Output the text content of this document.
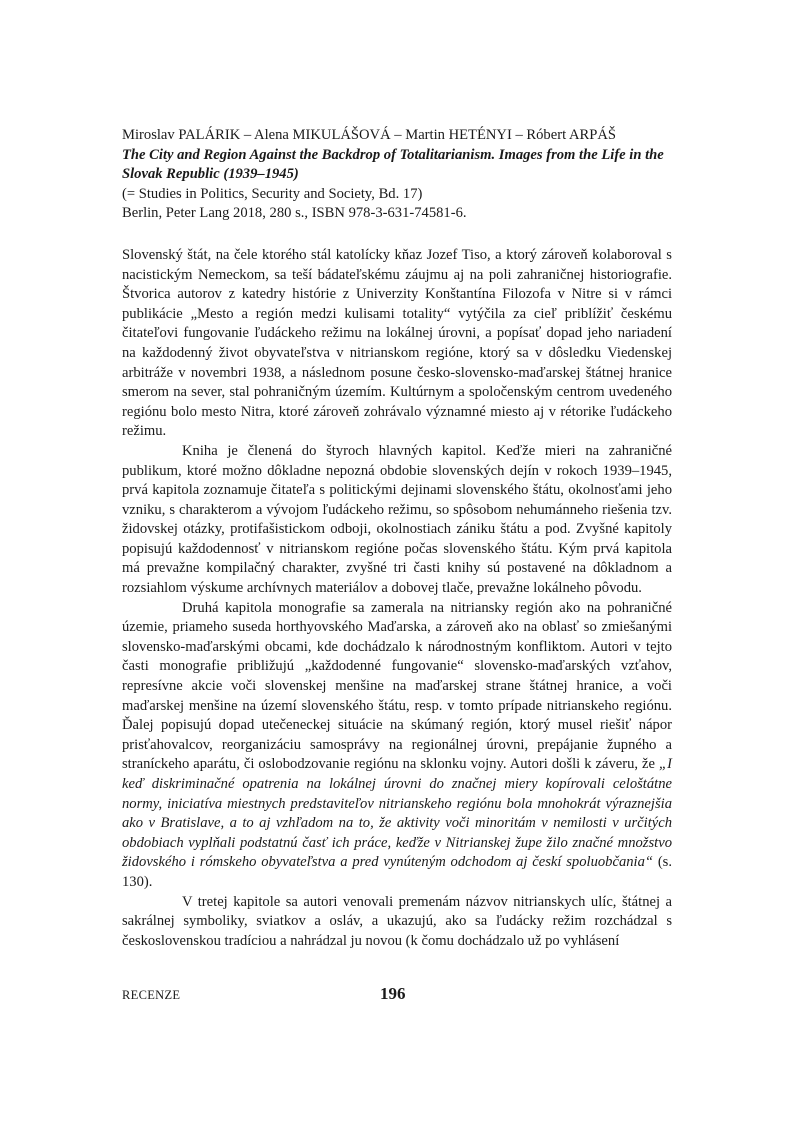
Miroslav PALÁRIK – Alena MIKULÁŠOVÁ – Martin HETÉNYI – Róbert ARPÁŠ

The City and Region Against the Backdrop of Totalitarianism. Images from the Life in the Slovak Republic (1939–1945)

(= Studies in Politics, Security and Society, Bd. 17)

Berlin, Peter Lang 2018, 280 s., ISBN 978-3-631-74581-6.

Slovenský štát, na čele ktorého stál katolícky kňaz Jozef Tiso, a ktorý zároveň kolaboroval s nacistickým Nemeckom, sa teší bádateľskému záujmu aj na poli zahraničnej historiografie. Štvorica autorov z katedry histórie z Univerzity Konštantína Filozofa v Nitre si v rámci publikácie „Mesto a región medzi kulisami totality“ vytýčila za cieľ priblížiť českému čitateľovi fungovanie ľudáckeho režimu na lokálnej úrovni, a popísať dopad jeho nariadení na každodenný život obyvateľstva v nitrianskom regióne, ktorý sa v dôsledku Viedenskej arbitráže v novembri 1938, a následnom posune česko-slovensko-maďarskej štátnej hranice smerom na sever, stal pohraničným územím. Kultúrnym a spoločenským centrom uvedeného regiónu bolo mesto Nitra, ktoré zároveň zohrávalo významné miesto aj v rétorike ľudáckeho režimu.

Kniha je členená do štyroch hlavných kapitol. Keďže mieri na zahraničné publikum, ktoré možno dôkladne nepozná obdobie slovenských dejín v rokoch 1939–1945, prvá kapitola zoznamuje čitateľa s politickými dejinami slovenského štátu, okolnosťami jeho vzniku, s charakterom a vývojom ľudáckeho režimu, so spôsobom nehumánneho riešenia tzv. židovskej otázky, protifašistickom odboji, okolnostiach zániku štátu a pod. Zvyšné kapitoly popisujú každodennosť v nitrianskom regióne počas slovenského štátu. Kým prvá kapitola má prevažne kompilačný charakter, zvyšné tri časti knihy sú postavené na dôkladnom a rozsiahlom výskume archívnych materiálov a dobovej tlače, prevažne lokálneho pôvodu.

Druhá kapitola monografie sa zamerala na nitriansky región ako na pohraničné územie, priameho suseda horthyovského Maďarska, a zároveň ako na oblasť so zmiešanými slovensko-maďarskými obcami, kde dochádzalo k národnostným konfliktom. Autori v tejto časti monografie približujú „každodenné fungovanie“ slovensko-maďarských vzťahov, represívne akcie voči slovenskej menšine na maďarskej strane štátnej hranice, a voči maďarskej menšine na území slovenského štátu, resp. v tomto prípade nitrianskeho regiónu. Ďalej popisujú dopad utečeneckej situácie na skúmaný región, ktorý musel riešiť nápor prisťahovalcov, reorganizáciu samosprávy na regionálnej úrovni, prepájanie župného a straníckeho aparátu, či oslobodzovanie regiónu na sklonku vojny. Autori došli k záveru, že „I keď diskriminačné opatrenia na lokálnej úrovni do značnej miery kopírovali celoštátne normy, iniciatíva miestnych predstaviteľov nitrianskeho regiónu bola mnohokrát výraznejšia ako v Bratislave, a to aj vzhľadom na to, že aktivity voči minoritám v nemilosti v určitých obdobiach vyplňali podstatnú časť ich práce, keďže v Nitrianskej župe žilo značné množstvo židovského i rómskeho obyvateľstva a pred vynúteným odchodom aj českí spoluobčania“ (s. 130).

V tretej kapitole sa autori venovali premenám názvov nitrianskych ulíc, štátnej a sakrálnej symboliky, sviatkov a osláv, a ukazujú, ako sa ľudácky režim rozchádzal s československou tradíciou a nahrádzal ju novou (k čomu dochádzalo už po vyhlásení

RECENZE	196
